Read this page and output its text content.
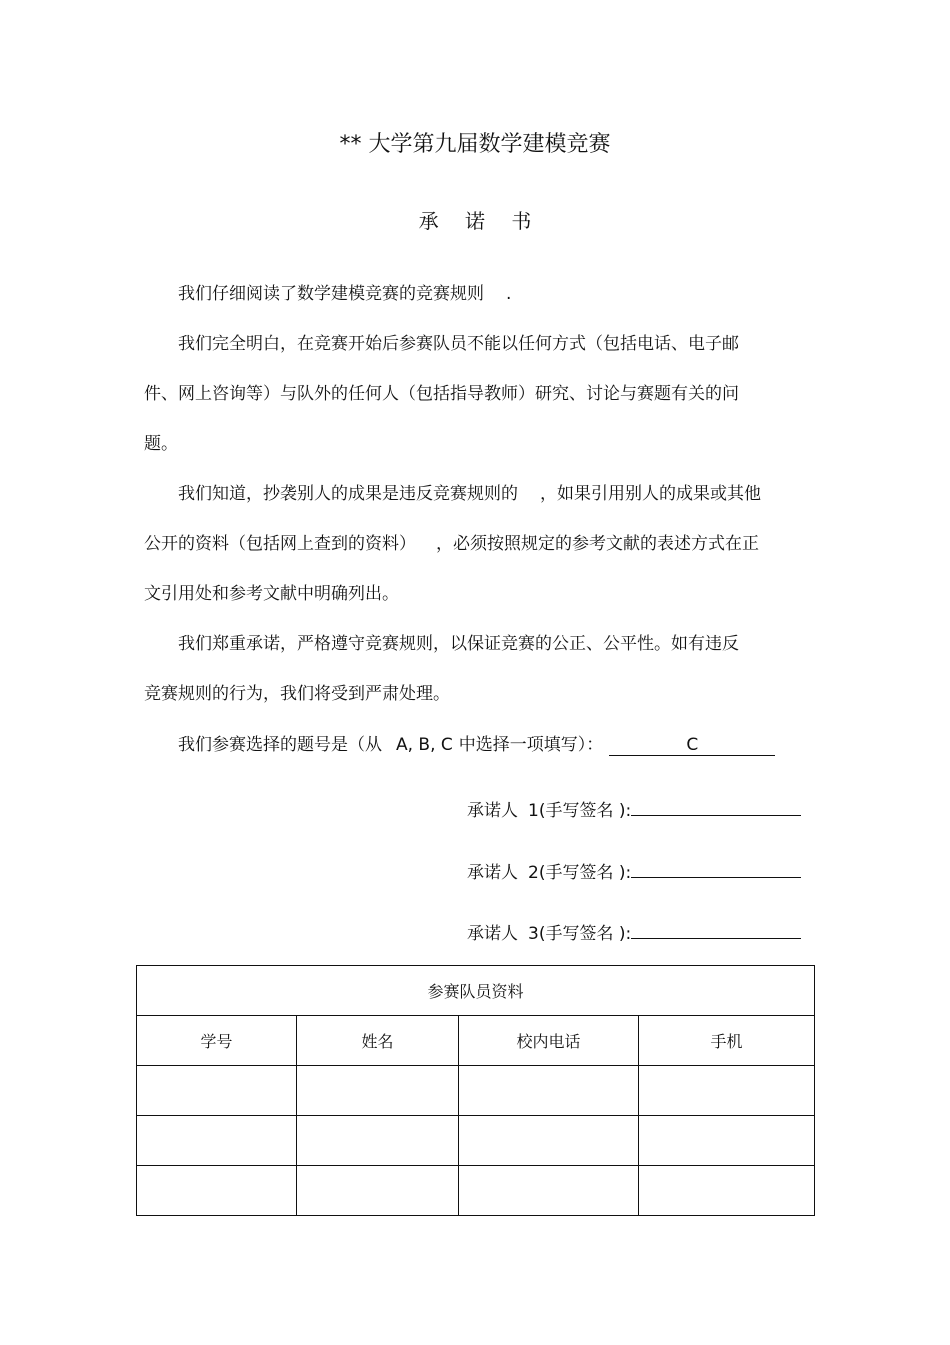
** 大学第九届数学建模竞赛
承 诺 书
我们仔细阅读了数学建模竞赛的竞赛规则 .
我们完全明白，在竞赛开始后参赛队员不能以任何方式（包括电话、电子邮
件、网上咨询等）与队外的任何人（包括指导教师）研究、讨论与赛题有关的问
题。
我们知道，抄袭别人的成果是违反竞赛规则的 ，如果引用别人的成果或其他
公开的资料（包括网上查到的资料） ，必须按照规定的参考文献的表述方式在正
文引用处和参考文献中明确列出。
我们郑重承诺，严格遵守竞赛规则，以保证竞赛的公正、公平性。如有违反
竞赛规则的行为，我们将受到严肃处理。
我们参赛选择的题号是（从 A, B, C 中选择一项填写）：	C
承诺人 1(手写签名 ):
承诺人 2(手写签名 ):
承诺人 3(手写签名 ):
参赛队员资料			
学号	姓名	校内电话	手机
